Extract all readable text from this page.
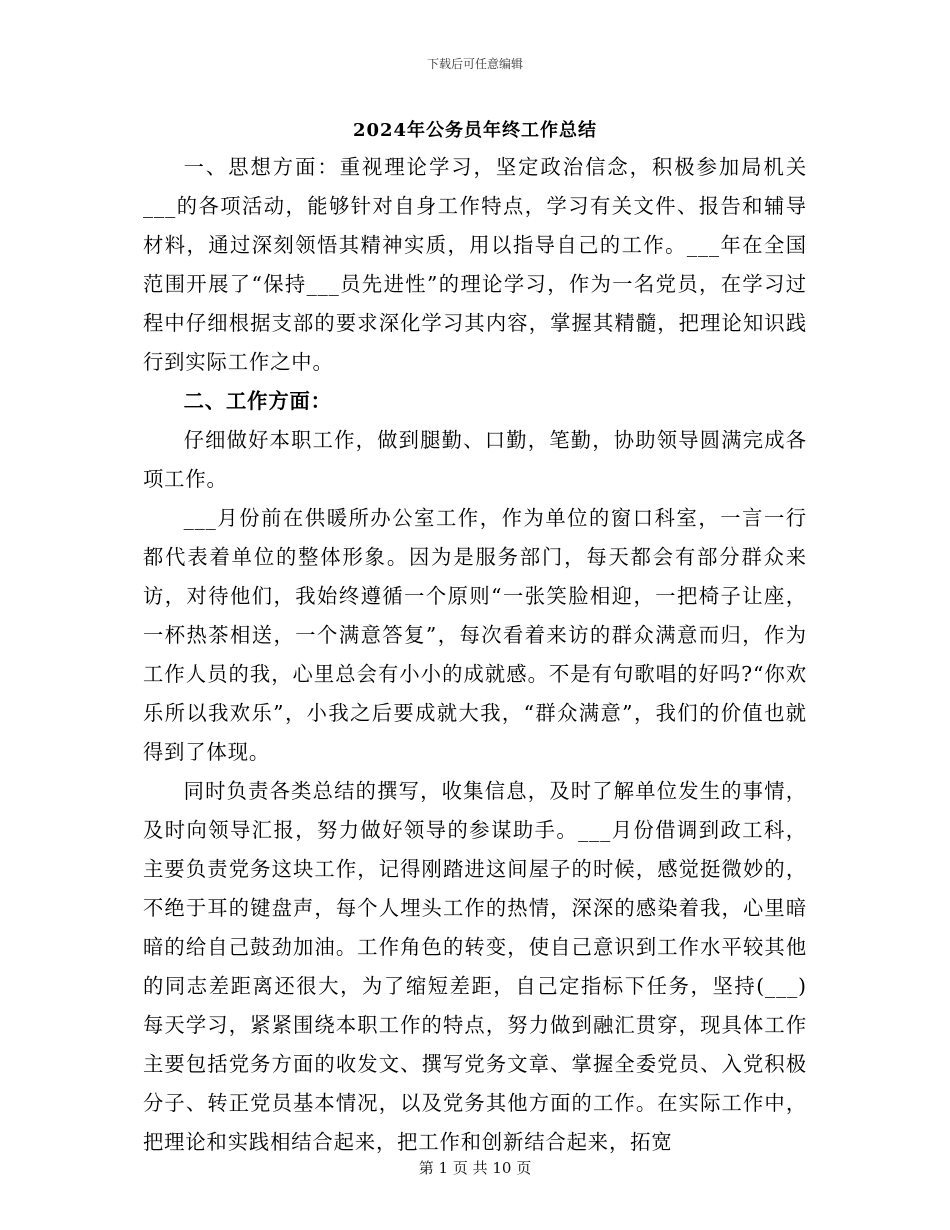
下载后可任意编辑
2024年公务员年终工作总结

一、思想方面：重视理论学习，坚定政治信念，积极参加局机关___的各项活动，能够针对自身工作特点，学习有关文件、报告和辅导材料，通过深刻领悟其精神实质，用以指导自己的工作。___年在全国范围开展了“保持___员先进性”的理论学习，作为一名党员，在学习过程中仔细根据支部的要求深化学习其内容，掌握其精髓，把理论知识践行到实际工作之中。

二、工作方面：

仔细做好本职工作，做到腿勤、口勤，笔勤，协助领导圆满完成各项工作。

___月份前在供暖所办公室工作，作为单位的窗口科室，一言一行都代表着单位的整体形象。因为是服务部门，每天都会有部分群众来访，对待他们，我始终遵循一个原则“一张笑脸相迎，一把椅子让座，一杯热茶相送，一个满意答复”，每次看着来访的群众满意而归，作为工作人员的我，心里总会有小小的成就感。不是有句歌唱的好吗?“你欢乐所以我欢乐”，小我之后要成就大我，“群众满意”，我们的价值也就得到了体现。

同时负责各类总结的撰写，收集信息，及时了解单位发生的事情，及时向领导汇报，努力做好领导的参谋助手。___月份借调到政工科，主要负责党务这块工作，记得刚踏进这间屋子的时候，感觉挺微妙的，不绝于耳的键盘声，每个人埋头工作的热情，深深的感染着我，心里暗暗的给自己鼓劲加油。工作角色的转变，使自己意识到工作水平较其他的同志差距离还很大，为了缩短差距，自己定指标下任务，坚持(___)每天学习，紧紧围绕本职工作的特点，努力做到融汇贯穿，现具体工作主要包括党务方面的收发文、撰写党务文章、掌握全委党员、入党积极分子、转正党员基本情况，以及党务其他方面的工作。在实际工作中，把理论和实践相结合起来，把工作和创新结合起来，拓宽

第 1 页 共 10 页
